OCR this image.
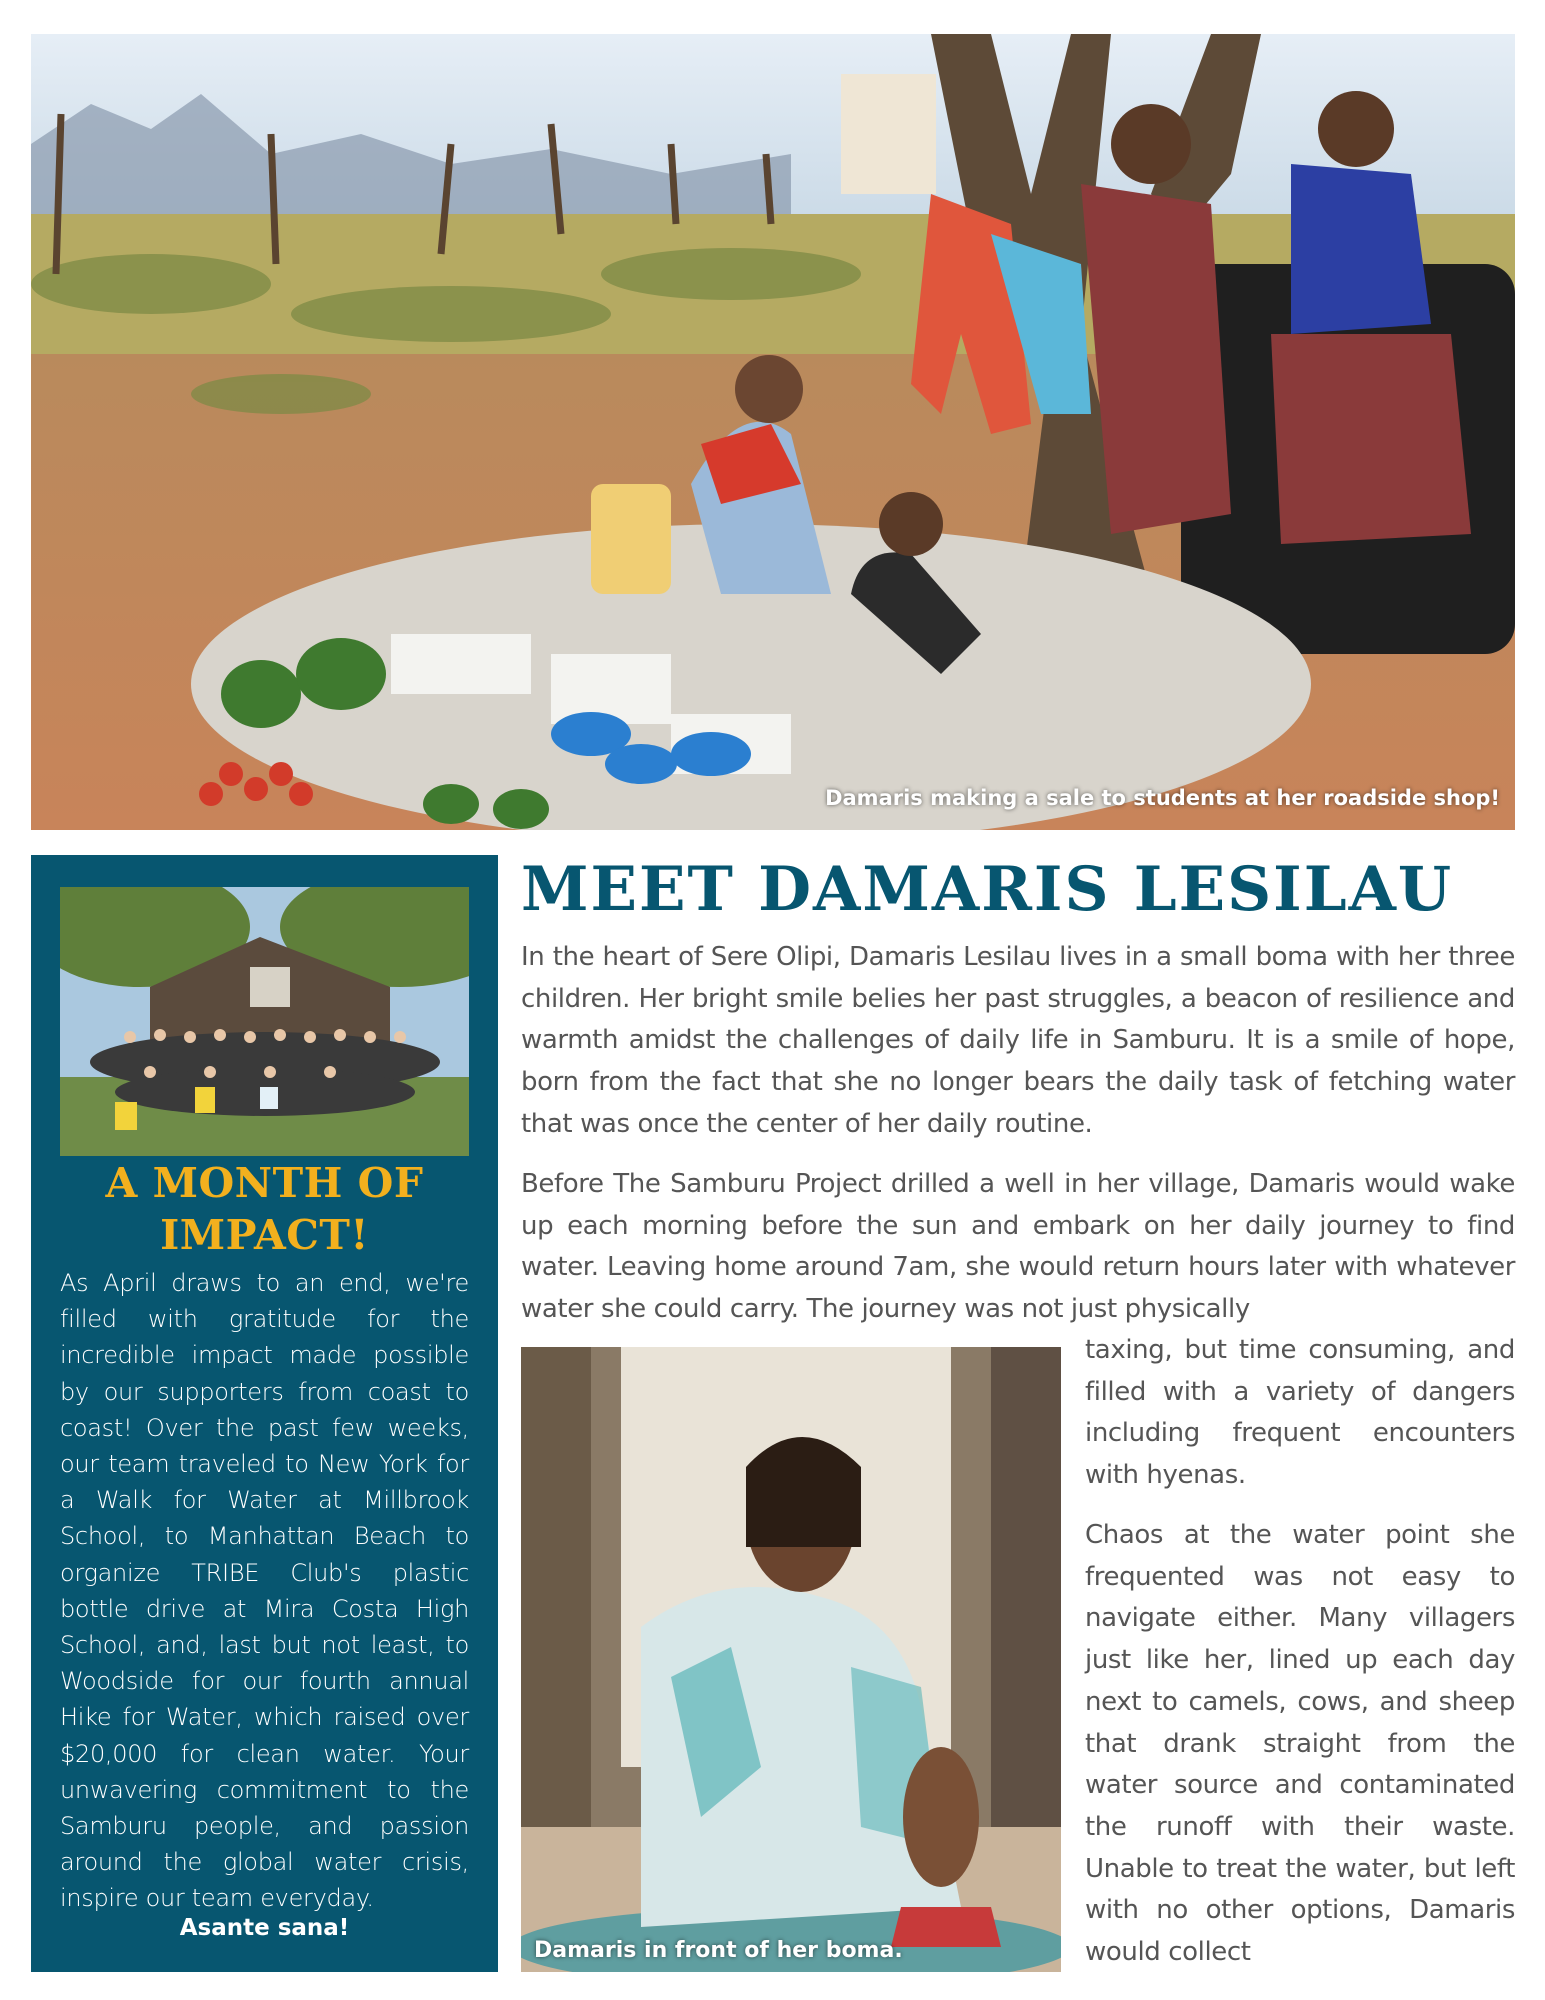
Damaris making a sale to students at her roadside shop!
A MONTH OF IMPACT!
As April draws to an end, we're filled with gratitude for the incredible impact made possible by our supporters from coast to coast! Over the past few weeks, our team traveled to New York for a Walk for Water at Millbrook School, to Manhattan Beach to organize TRIBE Club's plastic bottle drive at Mira Costa High School, and, last but not least, to Woodside for our fourth annual Hike for Water, which raised over $20,000 for clean water. Your unwavering commitment to the Samburu people, and passion around the global water crisis, inspire our team everyday.
Asante sana!
MEET DAMARIS LESILAU
In the heart of Sere Olipi, Damaris Lesilau lives in a small boma with her three children. Her bright smile belies her past struggles, a beacon of resilience and warmth amidst the challenges of daily life in Samburu. It is a smile of hope, born from the fact that she no longer bears the daily task of fetching water that was once the center of her daily routine.
Before The Samburu Project drilled a well in her village, Damaris would wake up each morning before the sun and embark on her daily journey to find water. Leaving home around 7am, she would return hours later with whatever water she could carry. The journey was not just physically
taxing, but time consuming, and filled with a variety of dangers including frequent encounters with hyenas.
Chaos at the water point she frequented was not easy to navigate either. Many villagers just like her, lined up each day next to camels, cows, and sheep that drank straight from the water source and contaminated the runoff with their waste. Unable to treat the water, but left with no other options, Damaris would collect
Damaris in front of her boma.
